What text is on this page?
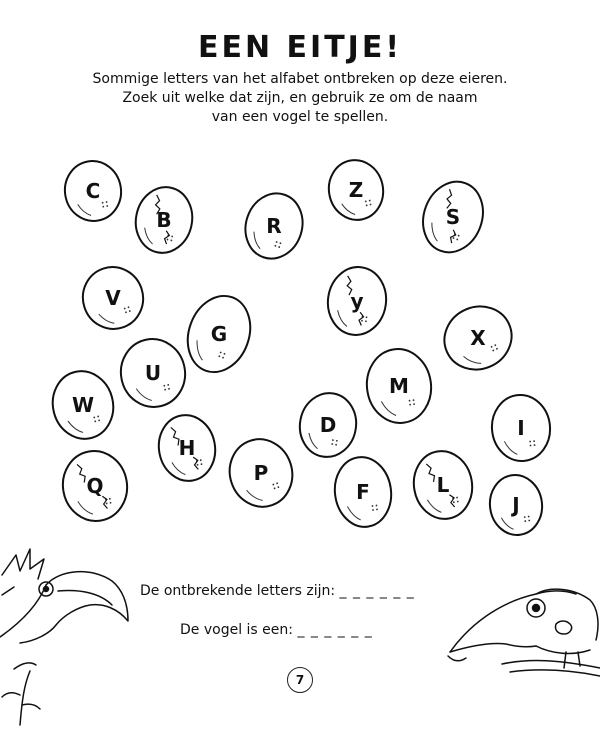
EEN EITJE!
Sommige letters van het alfabet ontbreken op deze eieren.
Zoek uit welke dat zijn, en gebruik ze om de naam
van een vogel te spellen.
C
B	R
Z
S
V	y
G	X
U
M
W
D	I
H
P
Q	F	L
J
De ontbrekende letters zijn: _ _ _ _ _ _
De vogel is een: _ _ _ _ _ _
7
